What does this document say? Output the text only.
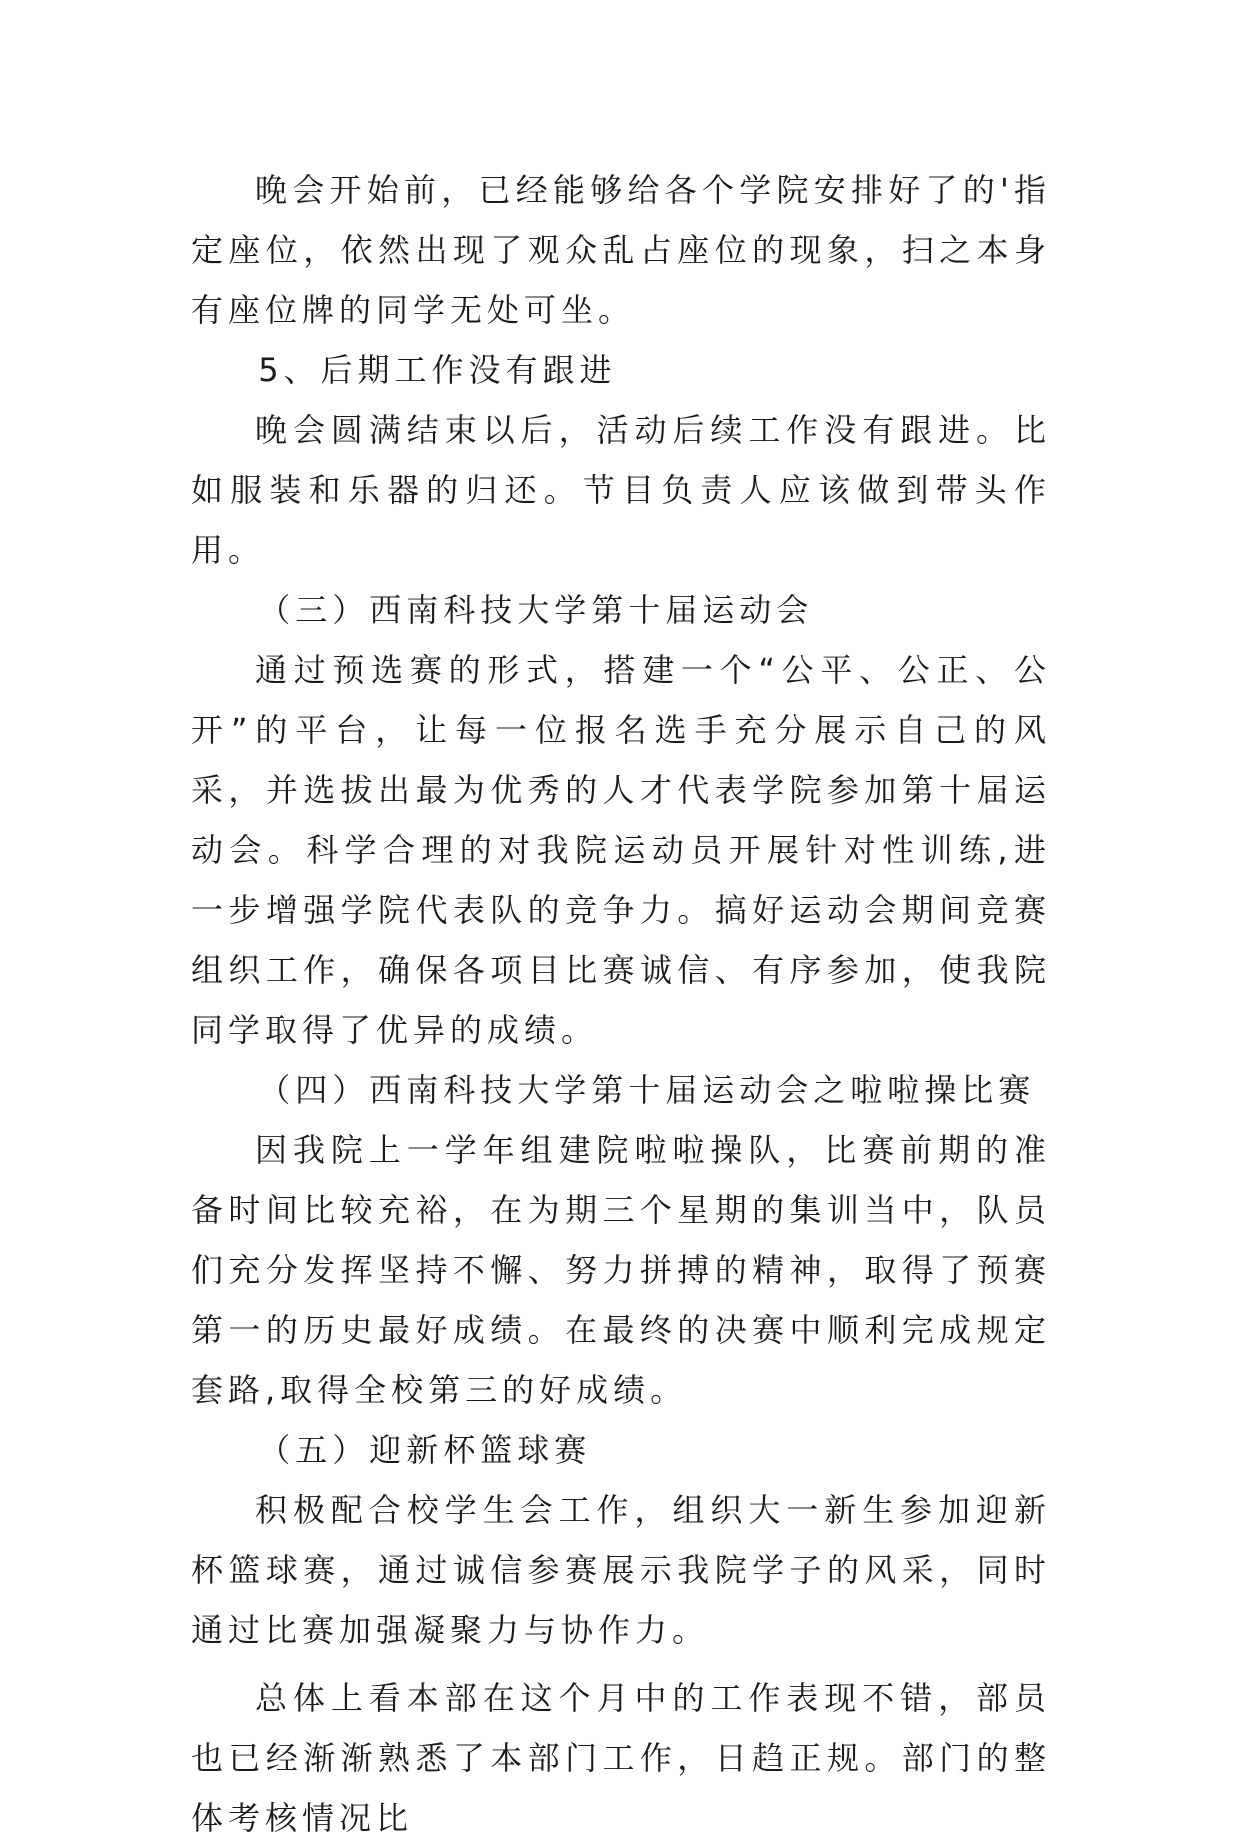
晚会开始前，已经能够给各个学院安排好了的'指定座位，依然出现了观众乱占座位的现象，扫之本身有座位牌的同学无处可坐。

5、后期工作没有跟进

晚会圆满结束以后，活动后续工作没有跟进。比如服装和乐器的归还。节目负责人应该做到带头作用。

（三）西南科技大学第十届运动会

通过预选赛的形式，搭建一个“公平、公正、公开”的平台，让每一位报名选手充分展示自己的风采，并选拔出最为优秀的人才代表学院参加第十届运动会。科学合理的对我院运动员开展针对性训练,进一步增强学院代表队的竞争力。搞好运动会期间竞赛组织工作，确保各项目比赛诚信、有序参加，使我院同学取得了优异的成绩。

（四）西南科技大学第十届运动会之啦啦操比赛

因我院上一学年组建院啦啦操队，比赛前期的准备时间比较充裕，在为期三个星期的集训当中，队员们充分发挥坚持不懈、努力拼搏的精神，取得了预赛第一的历史最好成绩。在最终的决赛中顺利完成规定套路,取得全校第三的好成绩。

（五）迎新杯篮球赛

积极配合校学生会工作，组织大一新生参加迎新杯篮球赛，通过诚信参赛展示我院学子的风采，同时通过比赛加强凝聚力与协作力。

总体上看本部在这个月中的工作表现不错，部员也已经渐渐熟悉了本部门工作，日趋正规。部门的整体考核情况比
